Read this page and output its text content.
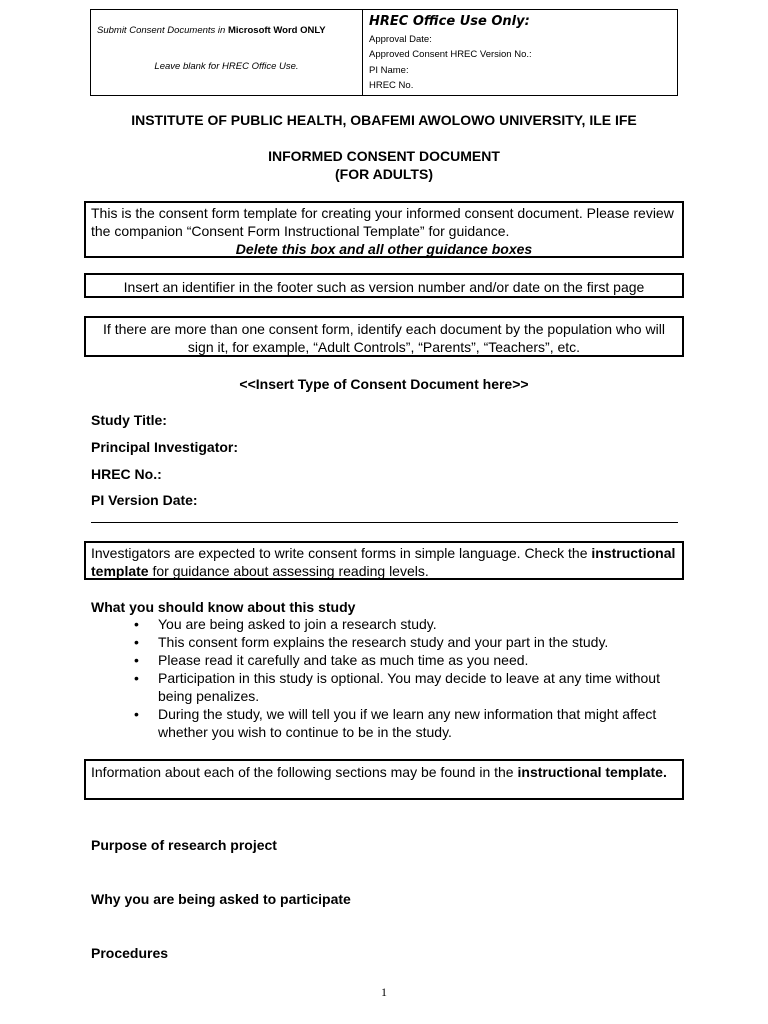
Submit Consent Documents in Microsoft Word ONLY
Leave blank for HREC Office Use.
HREC Office Use Only:
Approval Date:
Approved Consent HREC Version No.:
PI Name:
HREC No.
INSTITUTE OF PUBLIC HEALTH, OBAFEMI AWOLOWO UNIVERSITY, ILE IFE
INFORMED CONSENT DOCUMENT
(FOR ADULTS)
This is the consent form template for creating your informed consent document. Please review the companion “Consent Form Instructional Template” for guidance.
Delete this box and all other guidance boxes
Insert an identifier in the footer such as version number and/or date on the first page
If there are more than one consent form, identify each document by the population who will sign it, for example, “Adult Controls”, “Parents”, “Teachers”, etc.
<<Insert Type of Consent Document here>>
Study Title:
Principal Investigator:
HREC No.:
PI Version Date:
Investigators are expected to write consent forms in simple language. Check the instructional template for guidance about assessing reading levels.
What you should know about this study
• You are being asked to join a research study.
• This consent form explains the research study and your part in the study.
• Please read it carefully and take as much time as you need.
• Participation in this study is optional. You may decide to leave at any time without being penalizes.
• During the study, we will tell you if we learn any new information that might affect whether you wish to continue to be in the study.
Information about each of the following sections may be found in the instructional template.
Purpose of research project
Why you are being asked to participate
Procedures
1
